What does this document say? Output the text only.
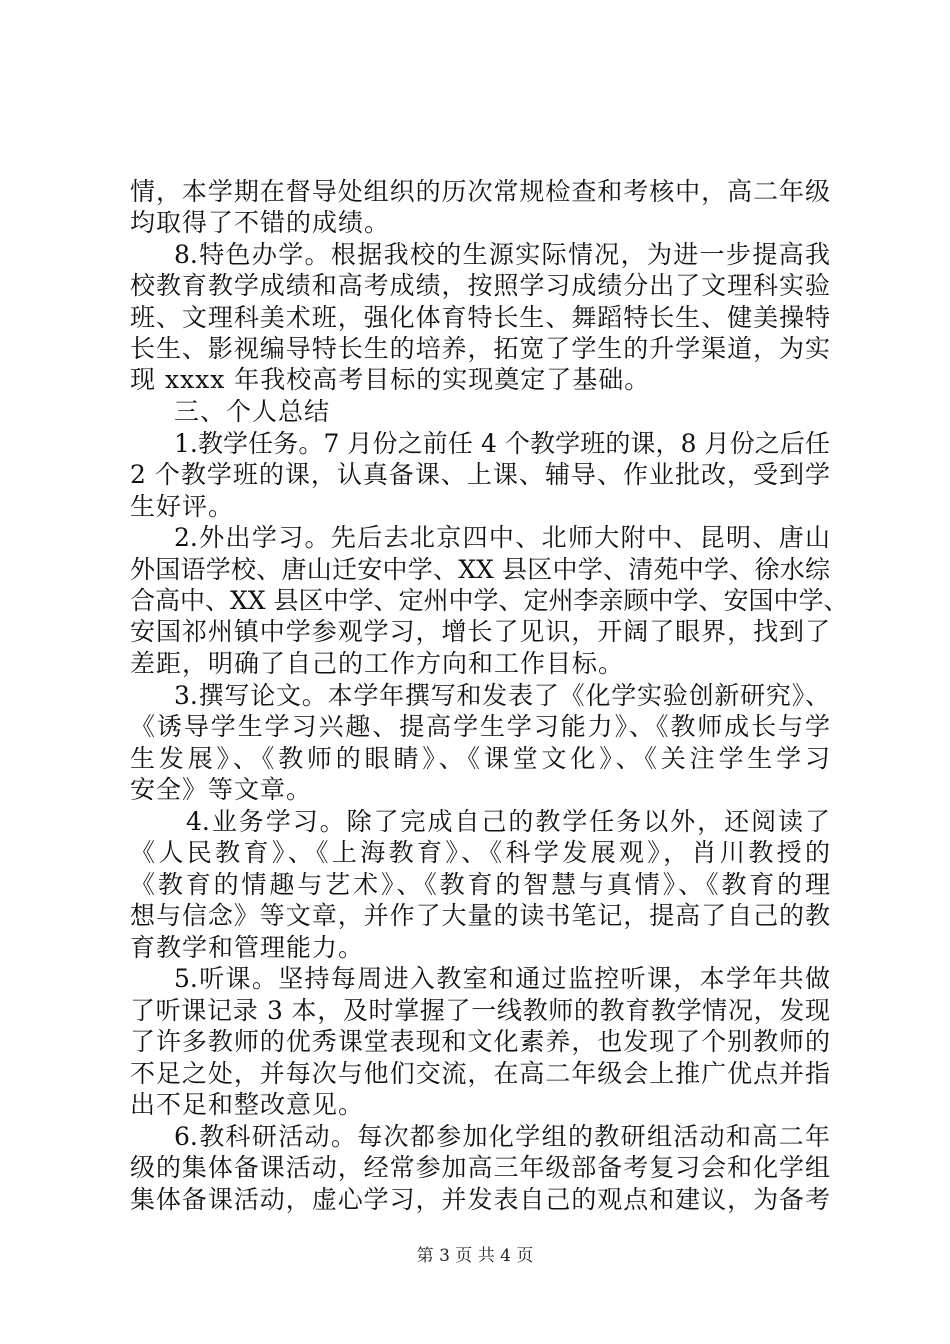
情，本学期在督导处组织的历次常规检查和考核中，高二年级
均取得了不错的成绩。
8.特色办学。根据我校的生源实际情况，为进一步提高我
校教育教学成绩和高考成绩，按照学习成绩分出了文理科实验
班、文理科美术班，强化体育特长生、舞蹈特长生、健美操特
长生、影视编导特长生的培养，拓宽了学生的升学渠道，为实
现 xxxx 年我校高考目标的实现奠定了基础。
三、个人总结
1.教学任务。7 月份之前任 4 个教学班的课，8 月份之后任
2 个教学班的课，认真备课、上课、辅导、作业批改，受到学
生好评。
2.外出学习。先后去北京四中、北师大附中、昆明、唐山
外国语学校、唐山迁安中学、XX 县区中学、清苑中学、徐水综
合高中、XX 县区中学、定州中学、定州李亲顾中学、安国中学、
安国祁州镇中学参观学习，增长了见识，开阔了眼界，找到了
差距，明确了自己的工作方向和工作目标。
3.撰写论文。本学年撰写和发表了《化学实验创新研究》、
《诱导学生学习兴趣、提高学生学习能力》、《教师成长与学
生发展》、《教师的眼睛》、《课堂文化》、《关注学生学习
安全》等文章。
4.业务学习。除了完成自己的教学任务以外，还阅读了
《人民教育》、《上海教育》、《科学发展观》，肖川教授的
《教育的情趣与艺术》、《教育的智慧与真情》、《教育的理
想与信念》等文章，并作了大量的读书笔记，提高了自己的教
育教学和管理能力。
5.听课。坚持每周进入教室和通过监控听课，本学年共做
了听课记录 3 本，及时掌握了一线教师的教育教学情况，发现
了许多教师的优秀课堂表现和文化素养，也发现了个别教师的
不足之处，并每次与他们交流，在高二年级会上推广优点并指
出不足和整改意见。
6.教科研活动。每次都参加化学组的教研组活动和高二年
级的集体备课活动，经常参加高三年级部备考复习会和化学组
集体备课活动，虚心学习，并发表自己的观点和建议，为备考
第 3 页 共 4 页
